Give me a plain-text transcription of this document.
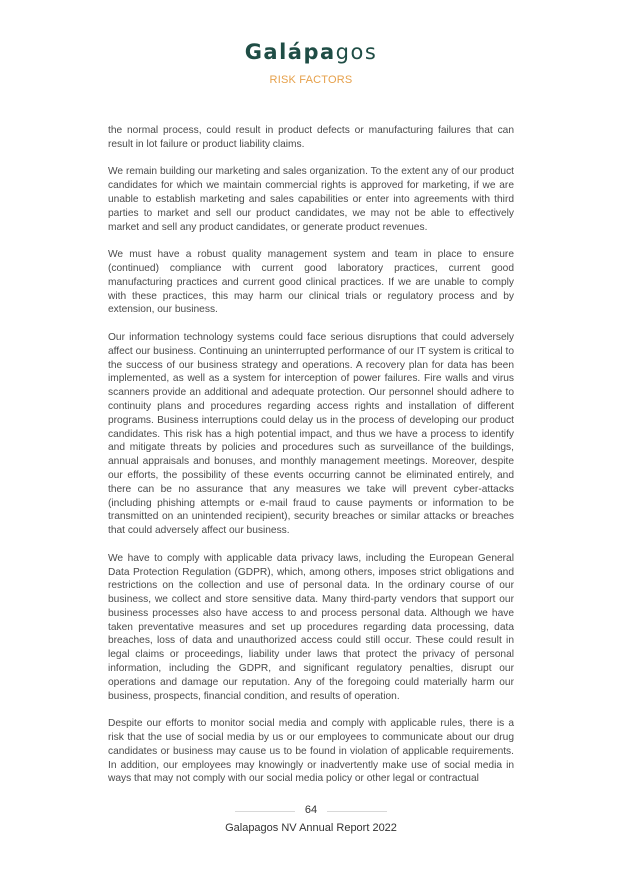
Galápagos
RISK FACTORS

the normal process, could result in product defects or manufacturing failures that can result in lot failure or product liability claims.

We remain building our marketing and sales organization. To the extent any of our product candidates for which we maintain commercial rights is approved for marketing, if we are unable to establish marketing and sales capabilities or enter into agreements with third parties to market and sell our product candidates, we may not be able to effectively market and sell any product candidates, or generate product revenues.

We must have a robust quality management system and team in place to ensure (continued) compliance with current good laboratory practices, current good manufacturing practices and current good clinical practices. If we are unable to comply with these practices, this may harm our clinical trials or regulatory process and by extension, our business.

Our information technology systems could face serious disruptions that could adversely affect our business. Continuing an uninterrupted performance of our IT system is critical to the success of our business strategy and operations. A recovery plan for data has been implemented, as well as a system for interception of power failures. Fire walls and virus scanners provide an additional and adequate protection. Our personnel should adhere to continuity plans and procedures regarding access rights and installation of different programs. Business interruptions could delay us in the process of developing our product candidates. This risk has a high potential impact, and thus we have a process to identify and mitigate threats by policies and procedures such as surveillance of the buildings, annual appraisals and bonuses, and monthly management meetings. Moreover, despite our efforts, the possibility of these events occurring cannot be eliminated entirely, and there can be no assurance that any measures we take will prevent cyber-attacks (including phishing attempts or e-mail fraud to cause payments or information to be transmitted on an unintended recipient), security breaches or similar attacks or breaches that could adversely affect our business.

We have to comply with applicable data privacy laws, including the European General Data Protection Regulation (GDPR), which, among others, imposes strict obligations and restrictions on the collection and use of personal data. In the ordinary course of our business, we collect and store sensitive data. Many third-party vendors that support our business processes also have access to and process personal data. Although we have taken preventative measures and set up procedures regarding data processing, data breaches, loss of data and unauthorized access could still occur. These could result in legal claims or proceedings, liability under laws that protect the privacy of personal information, including the GDPR, and significant regulatory penalties, disrupt our operations and damage our reputation. Any of the foregoing could materially harm our business, prospects, financial condition, and results of operation.

Despite our efforts to monitor social media and comply with applicable rules, there is a risk that the use of social media by us or our employees to communicate about our drug candidates or business may cause us to be found in violation of applicable requirements. In addition, our employees may knowingly or inadvertently make use of social media in ways that may not comply with our social media policy or other legal or contractual

64
Galapagos NV Annual Report 2022
